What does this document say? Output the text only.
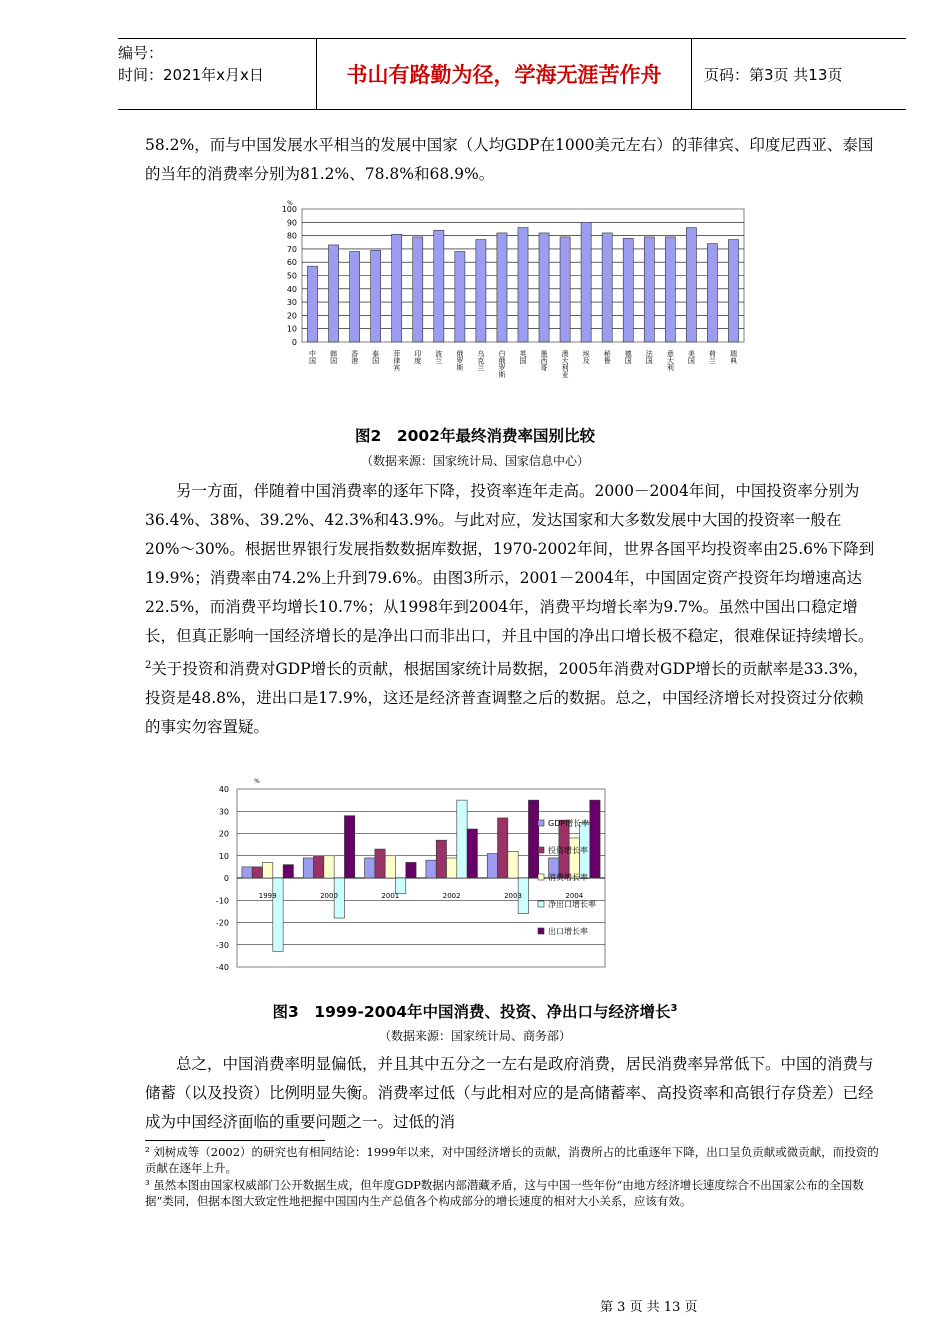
编号：
时间：2021年x月x日	书山有路勤为径，学海无涯苦作舟	页码：第3页 共13页

58.2%，而与中国发展水平相当的发展中国家（人均GDP在1000美元左右）的菲律宾、印度尼西亚、泰国的当年的消费率分别为81.2%、78.8%和68.9%。

0
10
20
30
40
50
60
70
80
90
100
%
中国 韩国 香港 泰国 菲律宾 印度 波兰 俄罗斯 乌克兰 白俄罗斯 英国 墨西哥 澳大利亚 埃及 秘鲁 德国 法国 意大利 美国 荷兰 瑞典
图2　2002年最终消费率国别比较
（数据来源：国家统计局、国家信息中心）

另一方面，伴随着中国消费率的逐年下降，投资率连年走高。2000－2004年间，中国投资率分别为36.4%、38%、39.2%、42.3%和43.9%。与此对应，发达国家和大多数发展中大国的投资率一般在20%～30%。根据世界银行发展指数数据库数据，1970-2002年间，世界各国平均投资率由25.6%下降到19.9%；消费率由74.2%上升到79.6%。由图3所示，2001－2004年，中国固定资产投资年均增速高达22.5%，而消费平均增长10.7%；从1998年到2004年，消费平均增长率为9.7%。虽然中国出口稳定增长，但真正影响一国经济增长的是净出口而非出口，并且中国的净出口增长极不稳定，很难保证持续增长。$^2$关于投资和消费对GDP增长的贡献，根据国家统计局数据，2005年消费对GDP增长的贡献率是33.3%，投资是48.8%，进出口是17.9%，这还是经济普查调整之后的数据。总之，中国经济增长对投资过分依赖的事实勿容置疑。

-40
-30
-20
-10
0
10
20
30
40
%
1999	2000	2001	2002	2003	2004
GDP增长率
投资增长率
消费增长率
净出口增长率
出口增长率
图3　1999-2004年中国消费、投资、净出口与经济增长$^3$
（数据来源：国家统计局、商务部）

总之，中国消费率明显偏低，并且其中五分之一左右是政府消费，居民消费率异常低下。中国的消费与储蓄（以及投资）比例明显失衡。消费率过低（与此相对应的是高储蓄率、高投资率和高银行存贷差）已经成为中国经济面临的重要问题之一。过低的消

² 刘树成等（2002）的研究也有相同结论：1999年以来，对中国经济增长的贡献，消费所占的比重逐年下降，出口呈负贡献或微贡献，而投资的贡献在逐年上升。

³ 虽然本图由国家权威部门公开数据生成，但年度GDP数据内部潜藏矛盾，这与中国一些年份“由地方经济增长速度综合不出国家公布的全国数据”类同，但据本图大致定性地把握中国国内生产总值各个构成部分的增长速度的相对大小关系，应该有效。

第 3 页 共 13 页
